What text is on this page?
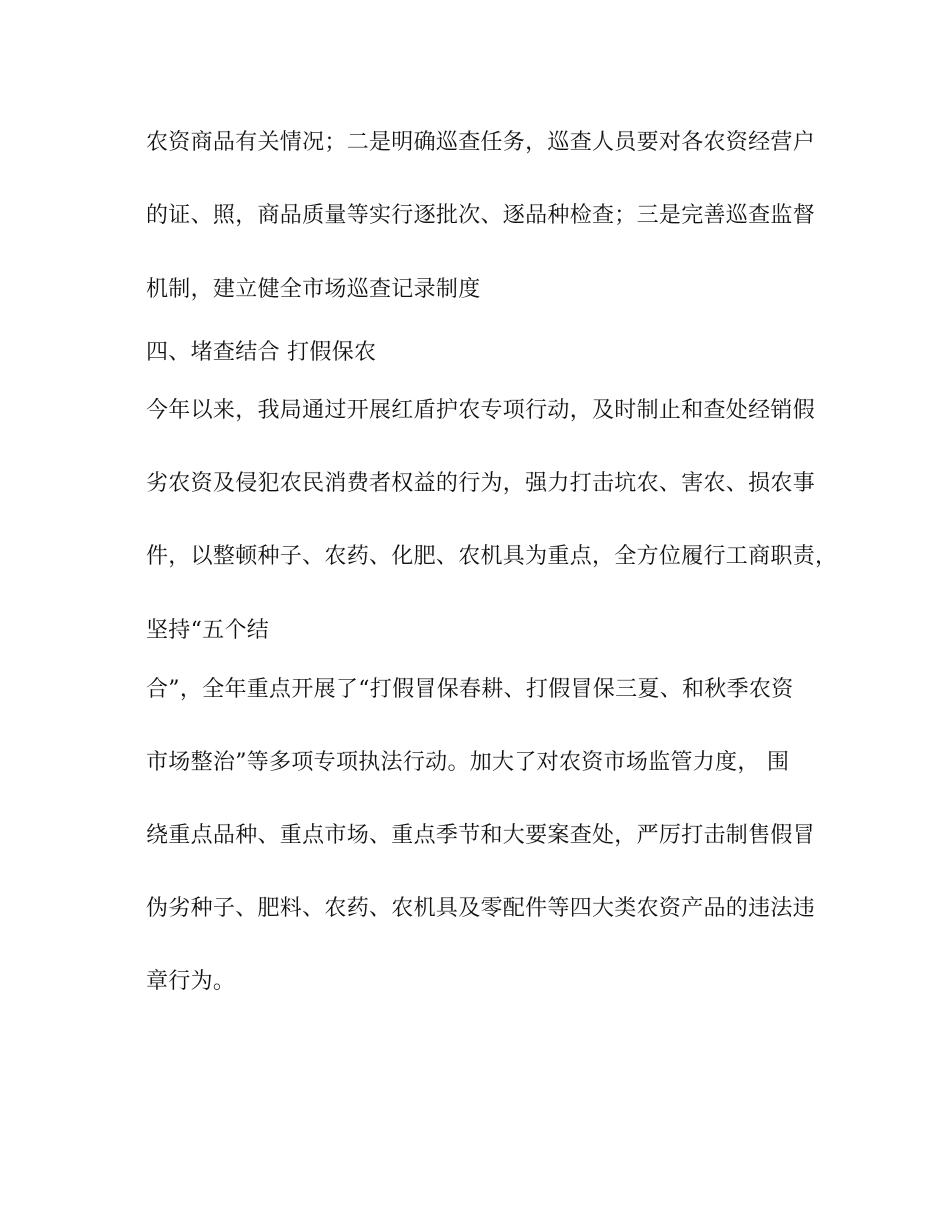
农资商品有关情况；二是明确巡查任务，巡查人员要对各农资经营户
的证、照，商品质量等实行逐批次、逐品种检查；三是完善巡查监督
机制，建立健全市场巡查记录制度
四、堵查结合 打假保农
今年以来，我局通过开展红盾护农专项行动，及时制止和查处经销假
劣农资及侵犯农民消费者权益的行为，强力打击坑农、害农、损农事
件，以整顿种子、农药、化肥、农机具为重点，全方位履行工商职责，
坚持“五个结
合”，全年重点开展了“打假冒保春耕、打假冒保三夏、和秋季农资
市场整治”等多项专项执法行动。加大了对农资市场监管力度， 围
绕重点品种、重点市场、重点季节和大要案查处，严厉打击制售假冒
伪劣种子、肥料、农药、农机具及零配件等四大类农资产品的违法违
章行为。
